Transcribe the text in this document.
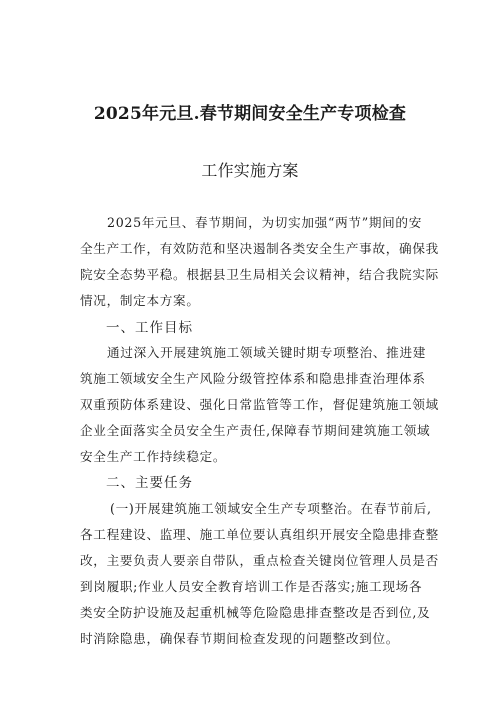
2025年元旦.春节期间安全生产专项检查
工作实施方案
2025年元旦、春节期间，为切实加强“两节”期间的安
全生产工作，有效防范和坚决遏制各类安全生产事故，确保我
院安全态势平稳。根据县卫生局相关会议精神，结合我院实际
情况，制定本方案。
一、工作目标
通过深入开展建筑施工领域关键时期专项整治、推进建
筑施工领域安全生产风险分级管控体系和隐患排查治理体系
双重预防体系建设、强化日常监管等工作，督促建筑施工领域
企业全面落实全员安全生产责任,保障春节期间建筑施工领域
安全生产工作持续稳定。
二、主要任务
(一)开展建筑施工领域安全生产专项整治。在春节前后,
各工程建设、监理、施工单位要认真组织开展安全隐患排查整
改，主要负责人要亲自带队，重点检查关键岗位管理人员是否
到岗履职;作业人员安全教育培训工作是否落实;施工现场各
类安全防护设施及起重机械等危险隐患排查整改是否到位,及
时消除隐患，确保春节期间检查发现的问题整改到位。
